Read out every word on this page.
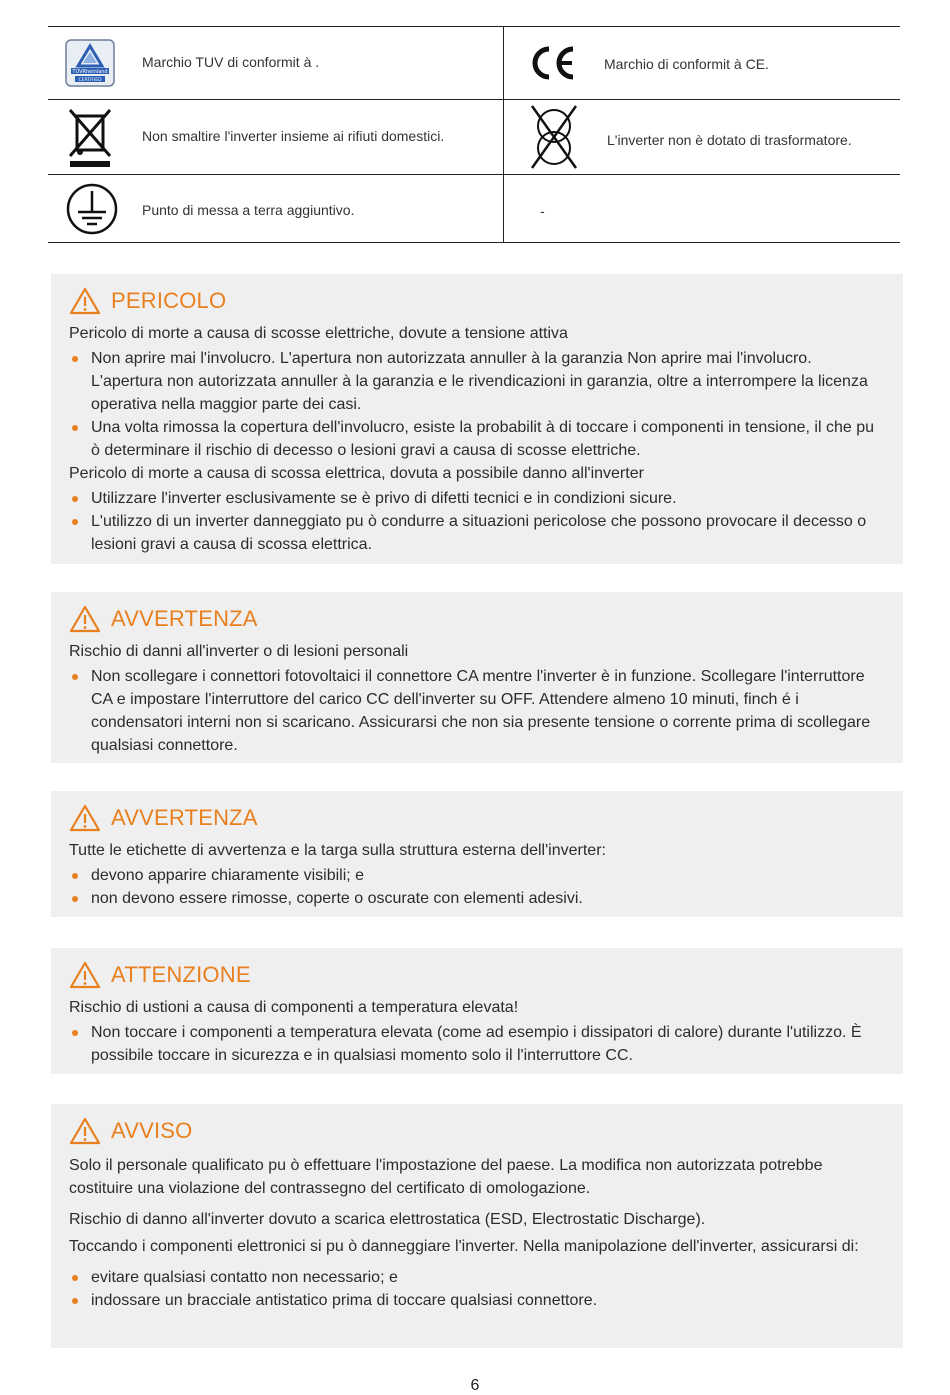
TÜVRheinland
CERTIFIED
Marchio TUV di conformit à .	Marchio di conformit à CE.
Non smaltire l'inverter insieme ai rifiuti domestici.	L'inverter non è dotato di trasformatore.
Punto di messa a terra aggiuntivo.	-
PERICOLO
Pericolo di morte a causa di scosse elettriche, dovute a tensione attiva
Non aprire mai l'involucro. L'apertura non autorizzata annuller à la garanzia Non aprire mai l'involucro. L'apertura non autorizzata annuller à la garanzia e le rivendicazioni in garanzia, oltre a interrompere la licenza operativa nella maggior parte dei casi.
Una volta rimossa la copertura dell'involucro, esiste la probabilit à di toccare i componenti in tensione, il che pu ò determinare il rischio di decesso o lesioni gravi a causa di scosse elettriche.
Pericolo di morte a causa di scossa elettrica, dovuta a possibile danno all'inverter
Utilizzare l'inverter esclusivamente se è privo di difetti tecnici e in condizioni sicure.
L'utilizzo di un inverter danneggiato pu ò condurre a situazioni pericolose che possono provocare il decesso o lesioni gravi a causa di scossa elettrica.
AVVERTENZA
Rischio di danni all'inverter o di lesioni personali
Non scollegare i connettori fotovoltaici il connettore CA mentre l'inverter è in funzione. Scollegare l'interruttore CA e impostare l'interruttore del carico CC dell'inverter su OFF. Attendere almeno 10 minuti, finch é i condensatori interni non si scaricano. Assicurarsi che non sia presente tensione o corrente prima di scollegare qualsiasi connettore.
AVVERTENZA
Tutte le etichette di avvertenza e la targa sulla struttura esterna dell'inverter:
devono apparire chiaramente visibili; e
non devono essere rimosse, coperte o oscurate con elementi adesivi.
ATTENZIONE
Rischio di ustioni a causa di componenti a temperatura elevata!
Non toccare i componenti a temperatura elevata (come ad esempio i dissipatori di calore) durante l'utilizzo. È possibile toccare in sicurezza e in qualsiasi momento solo il l'interruttore CC.
AVVISO
Solo il personale qualificato pu ò effettuare l'impostazione del paese. La modifica non autorizzata potrebbe costituire una violazione del contrassegno del certificato di omologazione.
Rischio di danno all'inverter dovuto a scarica elettrostatica (ESD, Electrostatic Discharge).
Toccando i componenti elettronici si pu ò danneggiare l'inverter. Nella manipolazione dell'inverter, assicurarsi di:
evitare qualsiasi contatto non necessario; e
indossare un bracciale antistatico prima di toccare qualsiasi connettore.
6
